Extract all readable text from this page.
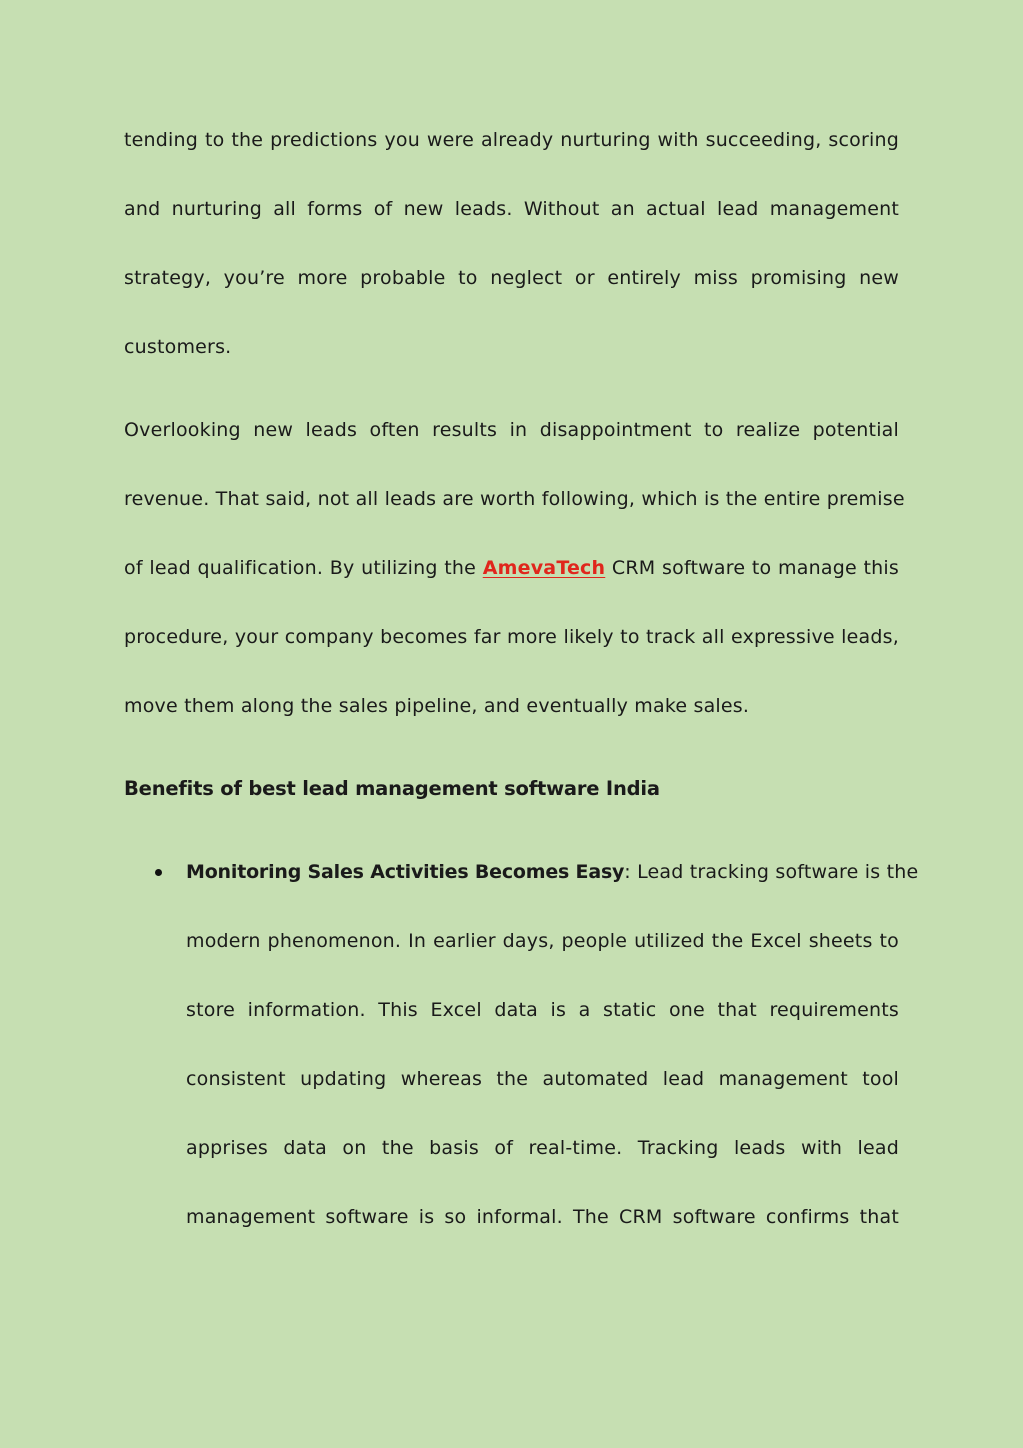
tending to the predictions you were already nurturing with succeeding, scoring
and nurturing all forms of new leads. Without an actual lead management
strategy, you’re more probable to neglect or entirely miss promising new
customers.
Overlooking new leads often results in disappointment to realize potential
revenue. That said, not all leads are worth following, which is the entire premise
of lead qualification. By utilizing the AmevaTech CRM software to manage this
procedure, your company becomes far more likely to track all expressive leads,
move them along the sales pipeline, and eventually make sales.
Benefits of best lead management software India
Monitoring Sales Activities Becomes Easy: Lead tracking software is the
modern phenomenon. In earlier days, people utilized the Excel sheets to
store information. This Excel data is a static one that requirements
consistent updating whereas the automated lead management tool
apprises data on the basis of real-time. Tracking leads with lead
management software is so informal. The CRM software confirms that
